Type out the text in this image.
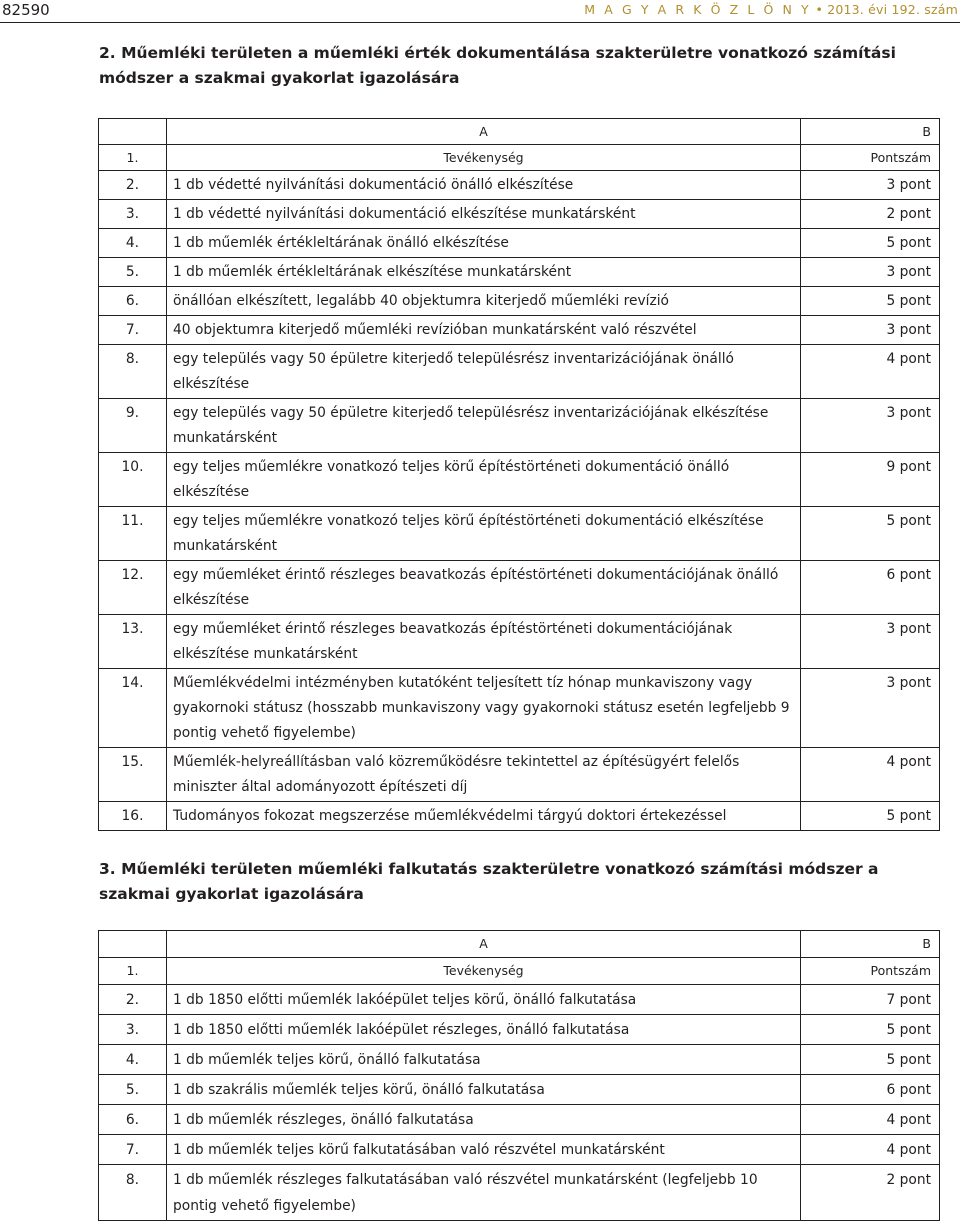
82590	M A G Y A R K Ö Z L Ö N Y • 2013. évi 192. szám
2. Műemléki területen a műemléki érték dokumentálása szakterületre vonatkozó számítási módszer a szakmai gyakorlat igazolására
	A	B
1.	Tevékenység	Pontszám
2.	1 db védetté nyilvánítási dokumentáció önálló elkészítése	3 pont
3.	1 db védetté nyilvánítási dokumentáció elkészítése munkatársként	2 pont
4.	1 db műemlék értékleltárának önálló elkészítése	5 pont
5.	1 db műemlék értékleltárának elkészítése munkatársként	3 pont
6.	önállóan elkészített, legalább 40 objektumra kiterjedő műemléki revízió	5 pont
7.	40 objektumra kiterjedő műemléki revízióban munkatársként való részvétel	3 pont
8.	egy település vagy 50 épületre kiterjedő településrész inventarizációjának önálló elkészítése	4 pont
9.	egy település vagy 50 épületre kiterjedő településrész inventarizációjának elkészítése munkatársként	3 pont
10.	egy teljes műemlékre vonatkozó teljes körű építéstörténeti dokumentáció önálló elkészítése	9 pont
11.	egy teljes műemlékre vonatkozó teljes körű építéstörténeti dokumentáció elkészítése munkatársként	5 pont
12.	egy műemléket érintő részleges beavatkozás építéstörténeti dokumentációjának önálló elkészítése	6 pont
13.	egy műemléket érintő részleges beavatkozás építéstörténeti dokumentációjának elkészítése munkatársként	3 pont
14.	Műemlékvédelmi intézményben kutatóként teljesített tíz hónap munkaviszony vagy gyakornoki státusz (hosszabb munkaviszony vagy gyakornoki státusz esetén legfeljebb 9 pontig vehető figyelembe)	3 pont
15.	Műemlék-helyreállításban való közreműködésre tekintettel az építésügyért felelős miniszter által adományozott építészeti díj	4 pont
16.	Tudományos fokozat megszerzése műemlékvédelmi tárgyú doktori értekezéssel	5 pont
3. Műemléki területen műemléki falkutatás szakterületre vonatkozó számítási módszer a szakmai gyakorlat igazolására
	A	B
1.	Tevékenység	Pontszám
2.	1 db 1850 előtti műemlék lakóépület teljes körű, önálló falkutatása	7 pont
3.	1 db 1850 előtti műemlék lakóépület részleges, önálló falkutatása	5 pont
4.	1 db műemlék teljes körű, önálló falkutatása	5 pont
5.	1 db szakrális műemlék teljes körű, önálló falkutatása	6 pont
6.	1 db műemlék részleges, önálló falkutatása	4 pont
7.	1 db műemlék teljes körű falkutatásában való részvétel munkatársként	4 pont
8.	1 db műemlék részleges falkutatásában való részvétel munkatársként (legfeljebb 10 pontig vehető figyelembe)	2 pont
